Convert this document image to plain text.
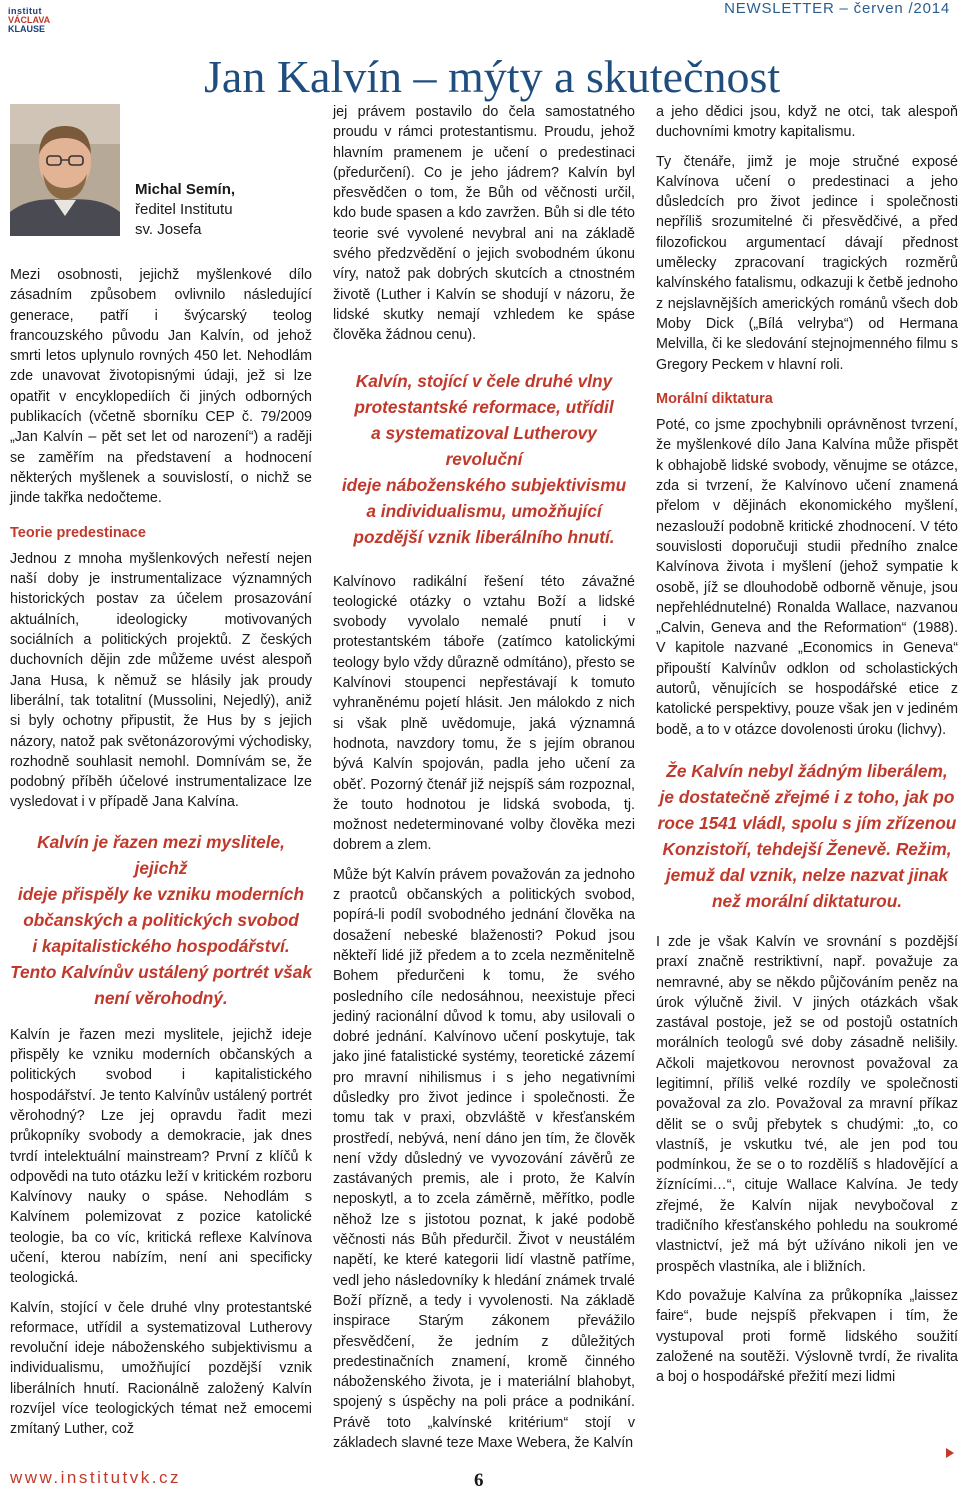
institut
VÁCLAVA
KLAUSE
NEWSLETTER – červen /2014
Jan Kalvín – mýty a skutečnost
Michal Semín,
ředitel Institutu
sv. Josefa

Mezi osobnosti, jejichž myšlenkové dílo zásadním způsobem ovlivnilo následující generace, patří i švýcarský teolog francouzského původu Jan Kalvín, od jehož smrti letos uplynulo rovných 450 let. Nehodlám zde unavovat životopisnými údaji, jež si lze opatřit v encyklopediích či jiných odborných publikacích (včetně sborníku CEP č. 79/2009 „Jan Kalvín – pět set let od narození“) a raději se zaměřím na představení a hodnocení některých myšlenek a souvislostí, o nichž se jinde takřka nedočteme.

Teorie predestinace

Jednou z mnoha myšlenkových neřestí nejen naší doby je instrumentalizace významných historických postav za účelem prosazování aktuálních, ideologicky motivovaných sociálních a politických projektů. Z českých duchovních dějin zde můžeme uvést alespoň Jana Husa, k němuž se hlásily jak proudy liberální, tak totalitní (Mussolini, Nejedlý), aniž si byly ochotny připustit, že Hus by s jejich názory, natož pak světonázorovými východisky, rozhodně souhlasit nemohl. Domnívám se, že podobný příběh účelové instrumentalizace lze vysledovat i v případě Jana Kalvína.

Kalvín je řazen mezi myslitele, jejichž
ideje přispěly ke vzniku moderních
občanských a politických svobod
i kapitalistického hospodářství.
Tento Kalvínův ustálený portrét však
není věrohodný.

Kalvín je řazen mezi myslitele, jejichž ideje přispěly ke vzniku moderních občanských a politických svobod i kapitalistického hospodářství. Je tento Kalvínův ustálený portrét věrohodný? Lze jej opravdu řadit mezi průkopníky svobody a demokracie, jak dnes tvrdí intelektuální mainstream? První z klíčů k odpovědi na tuto otázku leží v kritickém rozboru Kalvínovy nauky o spáse. Nehodlám s Kalvínem polemizovat z pozice katolické teologie, ba co víc, kritická reflexe Kalvínova učení, kterou nabízím, není ani specificky teologická.

Kalvín, stojící v čele druhé vlny protestantské reformace, utřídil a systematizoval Lutherovy revoluční ideje náboženského subjektivismu a individualismu, umožňující pozdější vznik liberálních hnutí. Racionálně založený Kalvín rozvíjel více teologických témat než emocemi zmítaný Luther, což

jej právem postavilo do čela samostatného proudu v rámci protestantismu. Proudu, jehož hlavním pramenem je učení o predestinaci (předurčení). Co je jeho jádrem? Kalvín byl přesvědčen o tom, že Bůh od věčnosti určil, kdo bude spasen a kdo zavržen. Bůh si dle této teorie své vyvolené nevybral ani na základě svého předzvědění o jejich svobodném úkonu víry, natož pak dobrých skutcích a ctnostném životě (Luther i Kalvín se shodují v názoru, že lidské skutky nemají vzhledem ke spáse člověka žádnou cenu).

Kalvín, stojící v čele druhé vlny
protestantské reformace, utřídil
a systematizoval Lutherovy revoluční
ideje náboženského subjektivismu
a individualismu, umožňující
pozdější vznik liberálního hnutí.

Kalvínovo radikální řešení této závažné teologické otázky o vztahu Boží a lidské svobody vyvolalo nemalé pnutí i v protestantském táboře (zatímco katolickými teology bylo vždy důrazně odmítáno), přesto se Kalvínovi stoupenci nepřestávají k tomuto vyhraněnému pojetí hlásit. Jen málokdo z nich si však plně uvědomuje, jaká významná hodnota, navzdory tomu, že s jejím obranou bývá Kalvín spojován, padla jeho učení za oběť. Pozorný čtenář již nejspíš sám rozpoznal, že touto hodnotou je lidská svoboda, tj. možnost nedeterminované volby člověka mezi dobrem a zlem.

Může být Kalvín právem považován za jednoho z praotců občanských a politických svobod, popírá-li podíl svobodného jednání člověka na dosažení nebeské blaženosti? Pokud jsou někteří lidé již předem a to zcela nezměnitelně Bohem předurčeni k tomu, že svého posledního cíle nedosáhnou, neexistuje přeci jediný racionální důvod k tomu, aby usilovali o dobré jednání. Kalvínovo učení poskytuje, tak jako jiné fatalistické systémy, teoretické zázemí pro mravní nihilismus i s jeho negativními důsledky pro život jedince i společnosti. Že tomu tak v praxi, obzvláště v křesťanském prostředí, nebývá, není dáno jen tím, že člověk není vždy důsledný ve vyvozování závěrů ze zastávaných premis, ale i proto, že Kalvín neposkytl, a to zcela záměrně, měřítko, podle něhož lze s jistotou poznat, k jaké podobě věčnosti nás Bůh předurčil. Život v neustálém napětí, ke které kategorii lidí vlastně patříme, vedl jeho následovníky k hledání známek trvalé Boží přízně, a tedy i vyvolenosti. Na základě inspirace Starým zákonem převážilo přesvědčení, že jedním z důležitých predestinačních znamení, kromě činného náboženského života, je i materiální blahobyt, spojený s úspěchy na poli práce a podnikání. Právě toto „kalvínské kritérium“ stojí v základech slavné teze Maxe Webera, že Kalvín

a jeho dědici jsou, když ne otci, tak alespoň duchovními kmotry kapitalismu.

Ty čtenáře, jimž je moje stručné exposé Kalvínova učení o predestinaci a jeho důsledcích pro život jedince i společnosti nepříliš srozumitelné či přesvědčivé, a před filozofickou argumentací dávají přednost umělecky zpracovaní tragických rozměrů kalvínského fatalismu, odkazuji k četbě jednoho z nejslavnějších amerických románů všech dob Moby Dick („Bílá velryba“) od Hermana Melvilla, či ke sledování stejnojmenného filmu s Gregory Peckem v hlavní roli.

Morální diktatura

Poté, co jsme zpochybnili oprávněnost tvrzení, že myšlenkové dílo Jana Kalvína může přispět k obhajobě lidské svobody, věnujme se otázce, zda si tvrzení, že Kalvínovo učení znamená přelom v dějinách ekonomického myšlení, nezaslouží podobně kritické zhodnocení. V této souvislosti doporučuji studii předního znalce Kalvínova života i myšlení (jehož sympatie k osobě, jíž se dlouhodobě odborně věnuje, jsou nepřehlédnutelné) Ronalda Wallace, nazvanou „Calvin, Geneva and the Reformation“ (1988). V kapitole nazvané „Economics in Geneva“ připouští Kalvínův odklon od scholastických autorů, věnujících se hospodářské etice z katolické perspektivy, pouze však jen v jediném bodě, a to v otázce dovolenosti úroku (lichvy).

Že Kalvín nebyl žádným liberálem,
je dostatečně zřejmé i z toho, jak po
roce 1541 vládl, spolu s jím zřízenou
Konzistoří, tehdejší Ženevě. Režim,
jemuž dal vznik, nelze nazvat jinak
než morální diktaturou.

I zde je však Kalvín ve srovnání s pozdější praxí značně restriktivní, např. považuje za nemravné, aby se někdo půjčováním peněz na úrok výlučně živil. V jiných otázkách však zastával postoje, jež se od postojů ostatních morálních teologů své doby zásadně nelišily. Ačkoli majetkovou nerovnost považoval za legitimní, příliš velké rozdíly ve společnosti považoval za zlo. Považoval za mravní příkaz dělit se o svůj přebytek s chudými: „to, co vlastníš, je vskutku tvé, ale jen pod tou podmínkou, že se o to rozdělíš s hladovějící a žíznícími…“, cituje Wallace Kalvína. Je tedy zřejmé, že Kalvín nijak nevybočoval z tradičního křesťanského pohledu na soukromé vlastnictví, jež má být užíváno nikoli jen ve prospěch vlastníka, ale i bližních.

Kdo považuje Kalvína za průkopníka „laissez faire“, bude nejspíš překvapen i tím, že vystupoval proti formě lidského soužití založené na soutěži. Výslovně tvrdí, že rivalita a boj o hospodářské přežití mezi lidmi

www.institutvk.cz	6
